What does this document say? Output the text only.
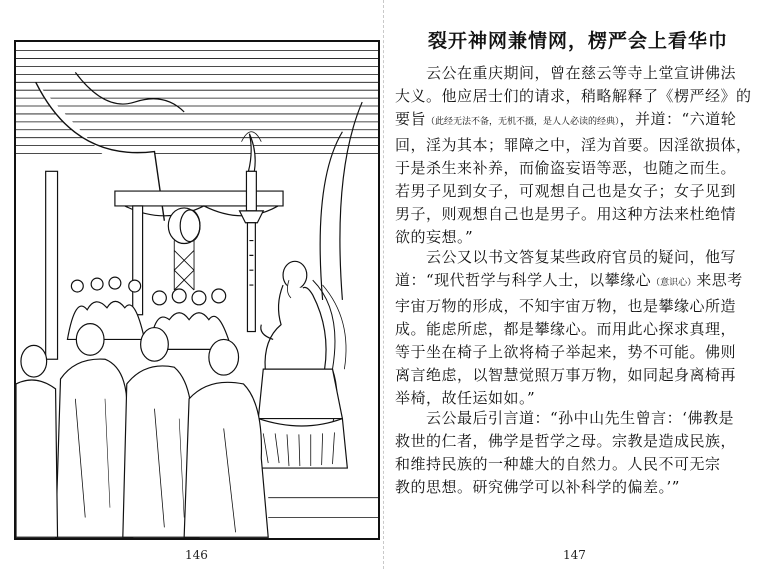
146
裂开神网兼情网，楞严会上看华巾
　　云公在重庆期间，曾在慈云等寺上堂宣讲佛法
大义。他应居士们的请求，稍略解释了《楞严经》的
要旨（此经无法不备，无机不摄，是人人必读的经典），并道：“六道轮
回，淫为其本；罪障之中，淫为首要。因淫欲损体，
于是杀生来补养，而偷盗妄语等恶，也随之而生。
若男子见到女子，可观想自己也是女子；女子见到
男子，则观想自己也是男子。用这种方法来杜绝情
欲的妄想。”
　　云公又以书文答复某些政府官员的疑问，他写
道：“现代哲学与科学人士，以攀缘心（意识心）来思考
宇宙万物的形成，不知宇宙万物，也是攀缘心所造
成。能虑所虑，都是攀缘心。而用此心探求真理，
等于坐在椅子上欲将椅子举起来，势不可能。佛则
离言绝虑，以智慧觉照万事万物，如同起身离椅再
举椅，故任运如如。”
　　云公最后引言道：“孙中山先生曾言：‘佛教是
救世的仁者，佛学是哲学之母。宗教是造成民族，
和维持民族的一种雄大的自然力。人民不可无宗
教的思想。研究佛学可以补科学的偏差。’”
147
